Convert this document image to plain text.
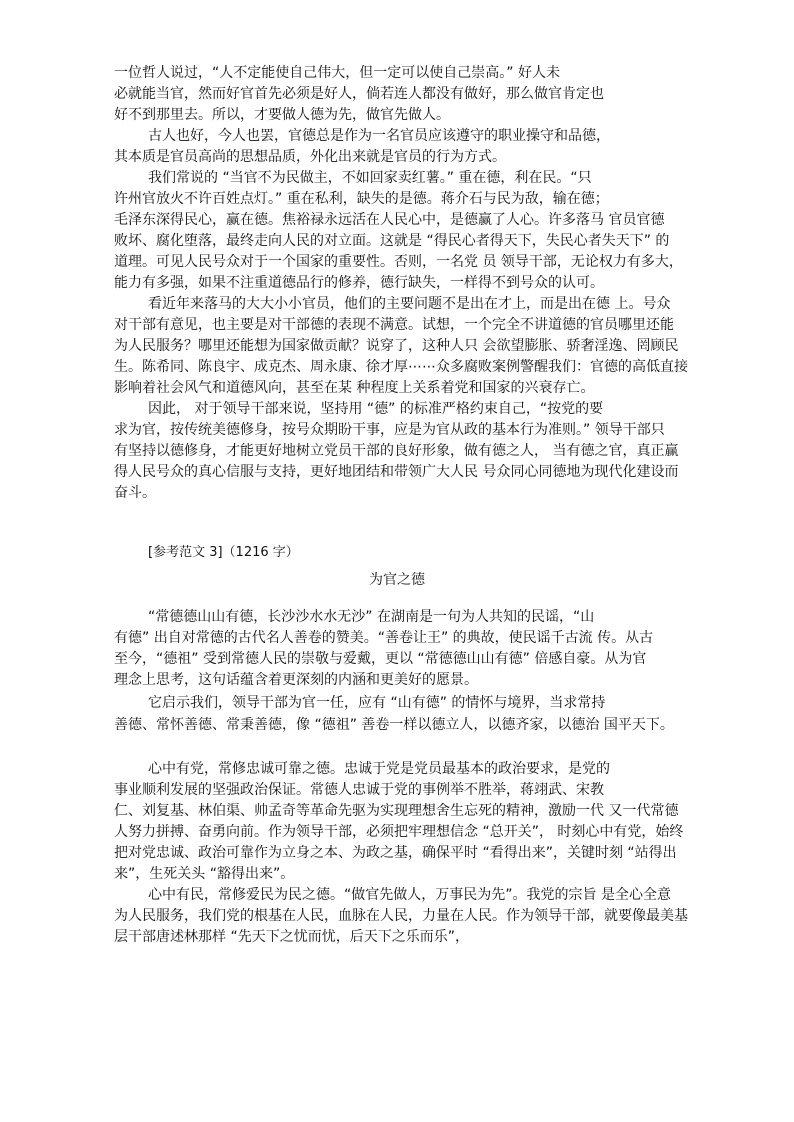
一位哲人说过，“人不定能使自己伟大，但一定可以使自己崇高。” 好人未
必就能当官，然而好官首先必须是好人，倘若连人都没有做好，那么做官肯定也
好不到那里去。所以，才要做人德为先，做官先做人。
古人也好，今人也罢，官德总是作为一名官员应该遵守的职业操守和品德，
其本质是官员高尚的思想品质，外化出来就是官员的行为方式。
我们常说的 “当官不为民做主，不如回家卖红薯。” 重在德，利在民。“只
许州官放火不许百姓点灯。” 重在私利，缺失的是德。蒋介石与民为敌，输在德；
毛泽东深得民心，赢在德。焦裕禄永远活在人民心中，是德赢了人心。许多落马 官员官德
败坏、腐化堕落，最终走向人民的对立面。这就是 “得民心者得天下，失民心者失天下” 的
道理。可见人民号众对于一个国家的重要性。否则，一名党 员 领导干部，无论权力有多大，
能力有多强，如果不注重道德品行的修养，德行缺失，一样得不到号众的认可。
看近年来落马的大大小小官员，他们的主要问题不是出在才上，而是出在德 上。号众
对干部有意见，也主要是对干部德的表现不满意。试想，一个完全不讲道德的官员哪里还能
为人民服务？哪里还能想为国家做贡献？说穿了，这种人只 会欲望膨胀、骄奢淫逸、罔顾民
生。陈希同、陈良宇、成克杰、周永康、徐才厚⋯⋯众多腐败案例警醒我们：官德的高低直接
影响着社会风气和道德风向，甚至在某 种程度上关系着党和国家的兴衰存亡。
因此， 对于领导干部来说，坚持用 “德” 的标准严格约束自己，“按党的要
求为官，按传统美德修身，按号众期盼干事，应是为官从政的基本行为准则。” 领导干部只
有坚持以德修身，才能更好地树立党员干部的良好形象，做有德之人， 当有德之官，真正赢
得人民号众的真心信服与支持，更好地团结和带领广大人民 号众同心同德地为现代化建设而
奋斗。
[参考范文 3]（1216 字）
为官之德
“常德德山山有德，长沙沙水水无沙” 在湖南是一句为人共知的民谣，“山
有德” 出自对常德的古代名人善卷的赞美。“善卷让王” 的典故，使民谣千古流 传。从古
至今，“德祖” 受到常德人民的崇敬与爱戴，更以 “常德德山山有德” 倍感自豪。从为官
理念上思考，这句话蕴含着更深刻的内涵和更美好的愿景。
它启示我们，领导干部为官一任，应有 “山有德” 的情怀与境界，当求常持
善德、常怀善德、常秉善德，像 “德祖” 善卷一样以德立人，以德齐家，以德治 国平天下。
心中有党，常修忠诚可靠之德。忠诚于党是党员最基本的政治要求，是党的
事业顺利发展的坚强政治保证。常德人忠诚于党的事例举不胜举，蒋翊武、宋教
仁、刘复基、林伯渠、帅孟奇等革命先驱为实现理想舍生忘死的精神，激励一代 又一代常德
人努力拼搏、奋勇向前。作为领导干部，必须把牢理想信念 “总开关”， 时刻心中有党，始终
把对党忠诚、政治可靠作为立身之本、为政之基，确保平时 “看得出来”，关键时刻 “站得出
来”，生死关头 “豁得出来”。
心中有民，常修爱民为民之德。“做官先做人，万事民为先”。我党的宗旨 是全心全意
为人民服务，我们党的根基在人民，血脉在人民，力量在人民。作为领导干部，就要像最美基
层干部唐述林那样 “先天下之忧而忧，后天下之乐而乐”，
